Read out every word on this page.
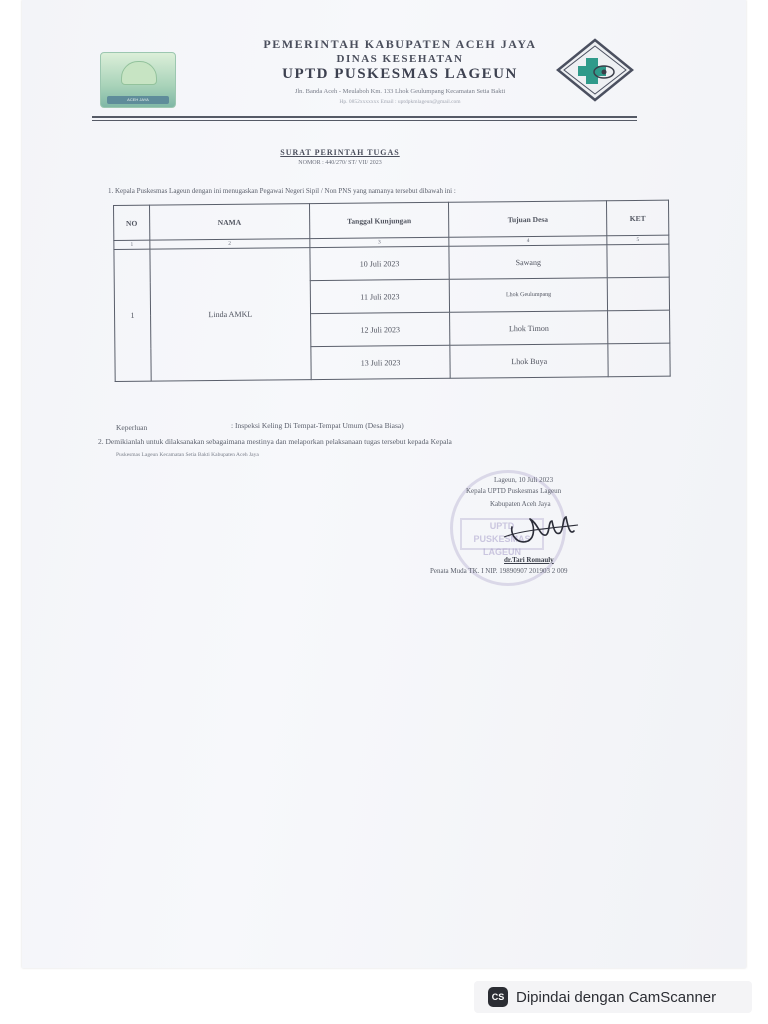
ACEH JAYA

PEMERINTAH KABUPATEN ACEH JAYA

DINAS KESEHATAN

UPTD PUSKESMAS LAGEUN

Jln. Banda Aceh - Meulaboh Km. 133 Lhok Geulumpang Kecamatan Setia Bakti

Hp. 0852xxxxxxx Email : uptdpkmlageun@gmail.com

SURAT PERINTAH TUGAS
NOMOR : 440/270/ ST/ VII/ 2023
1. Kepala Puskesmas Lageun dengan ini menugaskan Pegawai Negeri Sipil / Non PNS yang namanya tersebut dibawah ini :
NO	NAMA	Tanggal Kunjungan	Tujuan Desa	KET
1	2	3	4	5
1	Linda AMKL	10 Juli 2023	Sawang	
		11 Juli 2023	Lhok Geulumpang	
		12 Juli 2023	Lhok Timon	
		13 Juli 2023	Lhok Buya	
Keperluan	: Inspeksi Keling Di Tempat-Tempat Umum (Desa Biasa)
2. Demikianlah untuk dilaksanakan sebagaimana mestinya dan melaporkan pelaksanaan tugas tersebut kepada Kepala
Puskesmas Lageun Kecamatan Setia Bakti Kabupaten Aceh Jaya
UPTD PUSKESMAS LAGEUN
Lageun, 10 Juli 2023
Kepala UPTD Puskesmas Lageun
Kabupaten Aceh Jaya
dr.Tari Romauly
Penata Muda TK. I NIP. 19890907 201903 2 009
CS Dipindai dengan CamScanner
